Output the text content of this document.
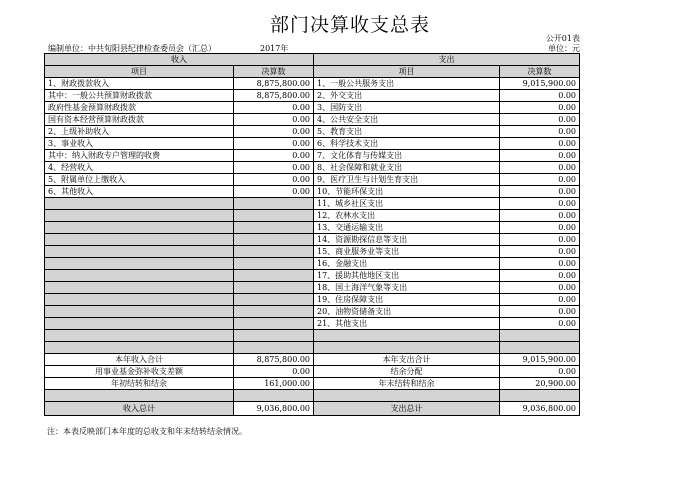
部门决算收支总表
公开01表
编制单位：中共旬阳县纪律检查委员会（汇总）	2017年	单位：元
收入		支出	
项目	决算数	项目	决算数
1、财政拨款收入	8,875,800.00	1、一般公共服务支出	9,015,900.00
其中：一般公共预算财政拨款	8,875,800.00	2、外交支出	0.00
政府性基金预算财政拨款	0.00	3、国防支出	0.00
国有资本经营预算财政拨款	0.00	4、公共安全支出	0.00
2、上级补助收入	0.00	5、教育支出	0.00
3、事业收入	0.00	6、科学技术支出	0.00
其中：纳入财政专户管理的收费	0.00	7、文化体育与传媒支出	0.00
4、经营收入	0.00	8、社会保障和就业支出	0.00
5、附属单位上缴收入	0.00	9、医疗卫生与计划生育支出	0.00
6、其他收入	0.00	10、节能环保支出	0.00
		11、城乡社区支出	0.00
		12、农林水支出	0.00
		13、交通运输支出	0.00
		14、资源勘探信息等支出	0.00
		15、商业服务业等支出	0.00
		16、金融支出	0.00
		17、援助其他地区支出	0.00
		18、国土海洋气象等支出	0.00
		19、住房保障支出	0.00
		20、油物资储备支出	0.00
		21、其他支出	0.00

本年收入合计	8,875,800.00	本年支出合计	9,015,900.00
用事业基金弥补收支差额	0.00	结余分配	0.00
年初结转和结余	161,000.00	年末结转和结余	20,900.00

收入总计	9,036,800.00	支出总计	9,036,800.00
注：本表反映部门本年度的总收支和年末结转结余情况。
